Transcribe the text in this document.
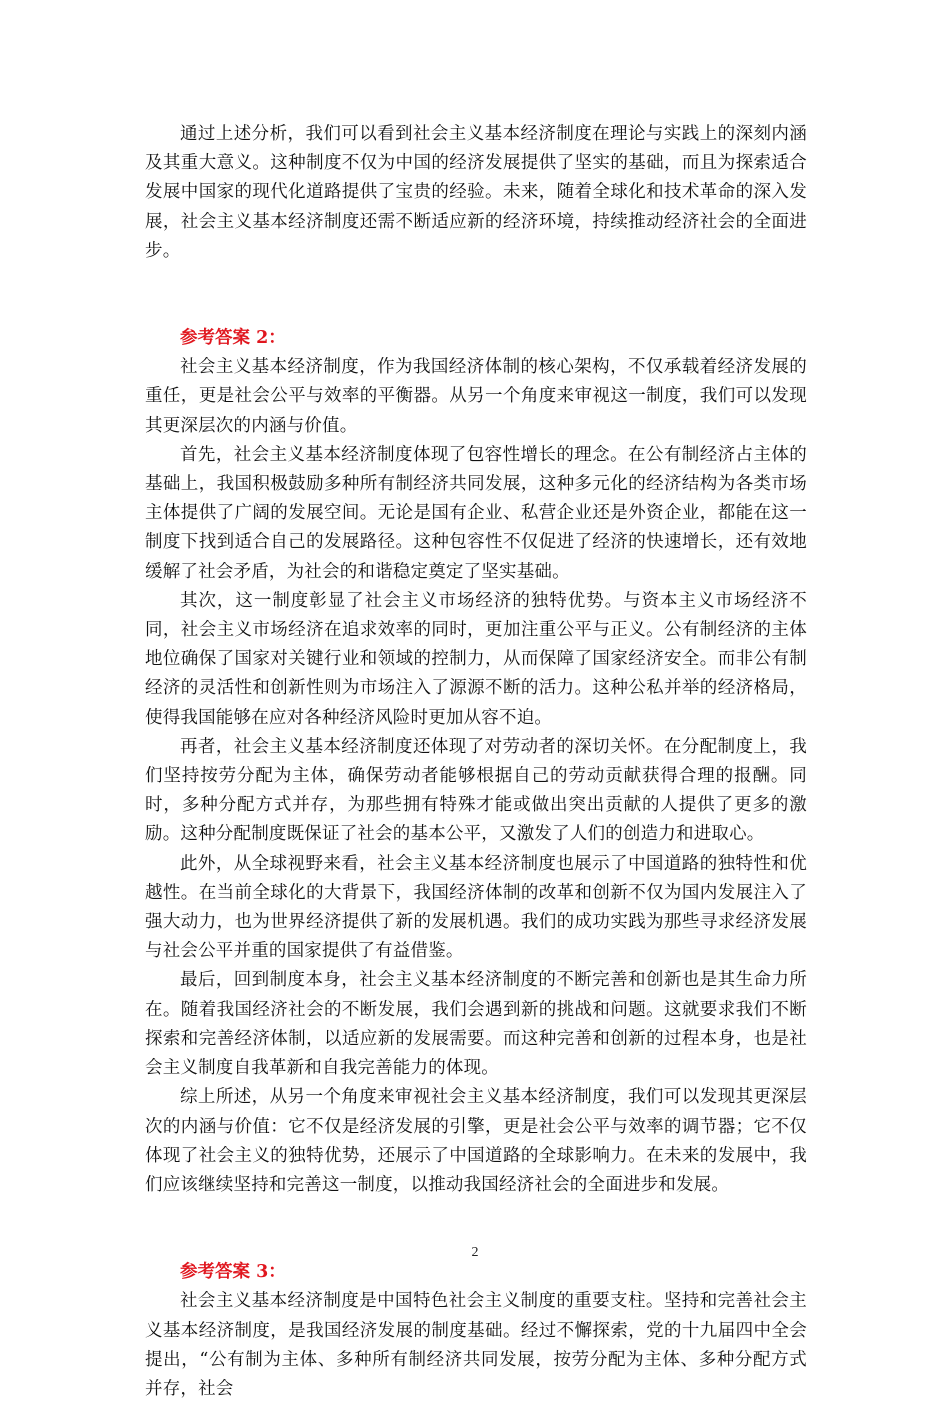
通过上述分析，我们可以看到社会主义基本经济制度在理论与实践上的深刻内涵及其重大意义。这种制度不仅为中国的经济发展提供了坚实的基础，而且为探索适合发展中国家的现代化道路提供了宝贵的经验。未来，随着全球化和技术革命的深入发展，社会主义基本经济制度还需不断适应新的经济环境，持续推动经济社会的全面进步。

参考答案 2：

社会主义基本经济制度，作为我国经济体制的核心架构，不仅承载着经济发展的重任，更是社会公平与效率的平衡器。从另一个角度来审视这一制度，我们可以发现其更深层次的内涵与价值。

首先，社会主义基本经济制度体现了包容性增长的理念。在公有制经济占主体的基础上，我国积极鼓励多种所有制经济共同发展，这种多元化的经济结构为各类市场主体提供了广阔的发展空间。无论是国有企业、私营企业还是外资企业，都能在这一制度下找到适合自己的发展路径。这种包容性不仅促进了经济的快速增长，还有效地缓解了社会矛盾，为社会的和谐稳定奠定了坚实基础。

其次，这一制度彰显了社会主义市场经济的独特优势。与资本主义市场经济不同，社会主义市场经济在追求效率的同时，更加注重公平与正义。公有制经济的主体地位确保了国家对关键行业和领域的控制力，从而保障了国家经济安全。而非公有制经济的灵活性和创新性则为市场注入了源源不断的活力。这种公私并举的经济格局，使得我国能够在应对各种经济风险时更加从容不迫。

再者，社会主义基本经济制度还体现了对劳动者的深切关怀。在分配制度上，我们坚持按劳分配为主体，确保劳动者能够根据自己的劳动贡献获得合理的报酬。同时，多种分配方式并存，为那些拥有特殊才能或做出突出贡献的人提供了更多的激励。这种分配制度既保证了社会的基本公平，又激发了人们的创造力和进取心。

此外，从全球视野来看，社会主义基本经济制度也展示了中国道路的独特性和优越性。在当前全球化的大背景下，我国经济体制的改革和创新不仅为国内发展注入了强大动力，也为世界经济提供了新的发展机遇。我们的成功实践为那些寻求经济发展与社会公平并重的国家提供了有益借鉴。

最后，回到制度本身，社会主义基本经济制度的不断完善和创新也是其生命力所在。随着我国经济社会的不断发展，我们会遇到新的挑战和问题。这就要求我们不断探索和完善经济体制，以适应新的发展需要。而这种完善和创新的过程本身，也是社会主义制度自我革新和自我完善能力的体现。

综上所述，从另一个角度来审视社会主义基本经济制度，我们可以发现其更深层次的内涵与价值：它不仅是经济发展的引擎，更是社会公平与效率的调节器；它不仅体现了社会主义的独特优势，还展示了中国道路的全球影响力。在未来的发展中，我们应该继续坚持和完善这一制度，以推动我国经济社会的全面进步和发展。

参考答案 3：

社会主义基本经济制度是中国特色社会主义制度的重要支柱。坚持和完善社会主义基本经济制度，是我国经济发展的制度基础。经过不懈探索，党的十九届四中全会提出，“公有制为主体、多种所有制经济共同发展，按劳分配为主体、多种分配方式并存，社会

2
